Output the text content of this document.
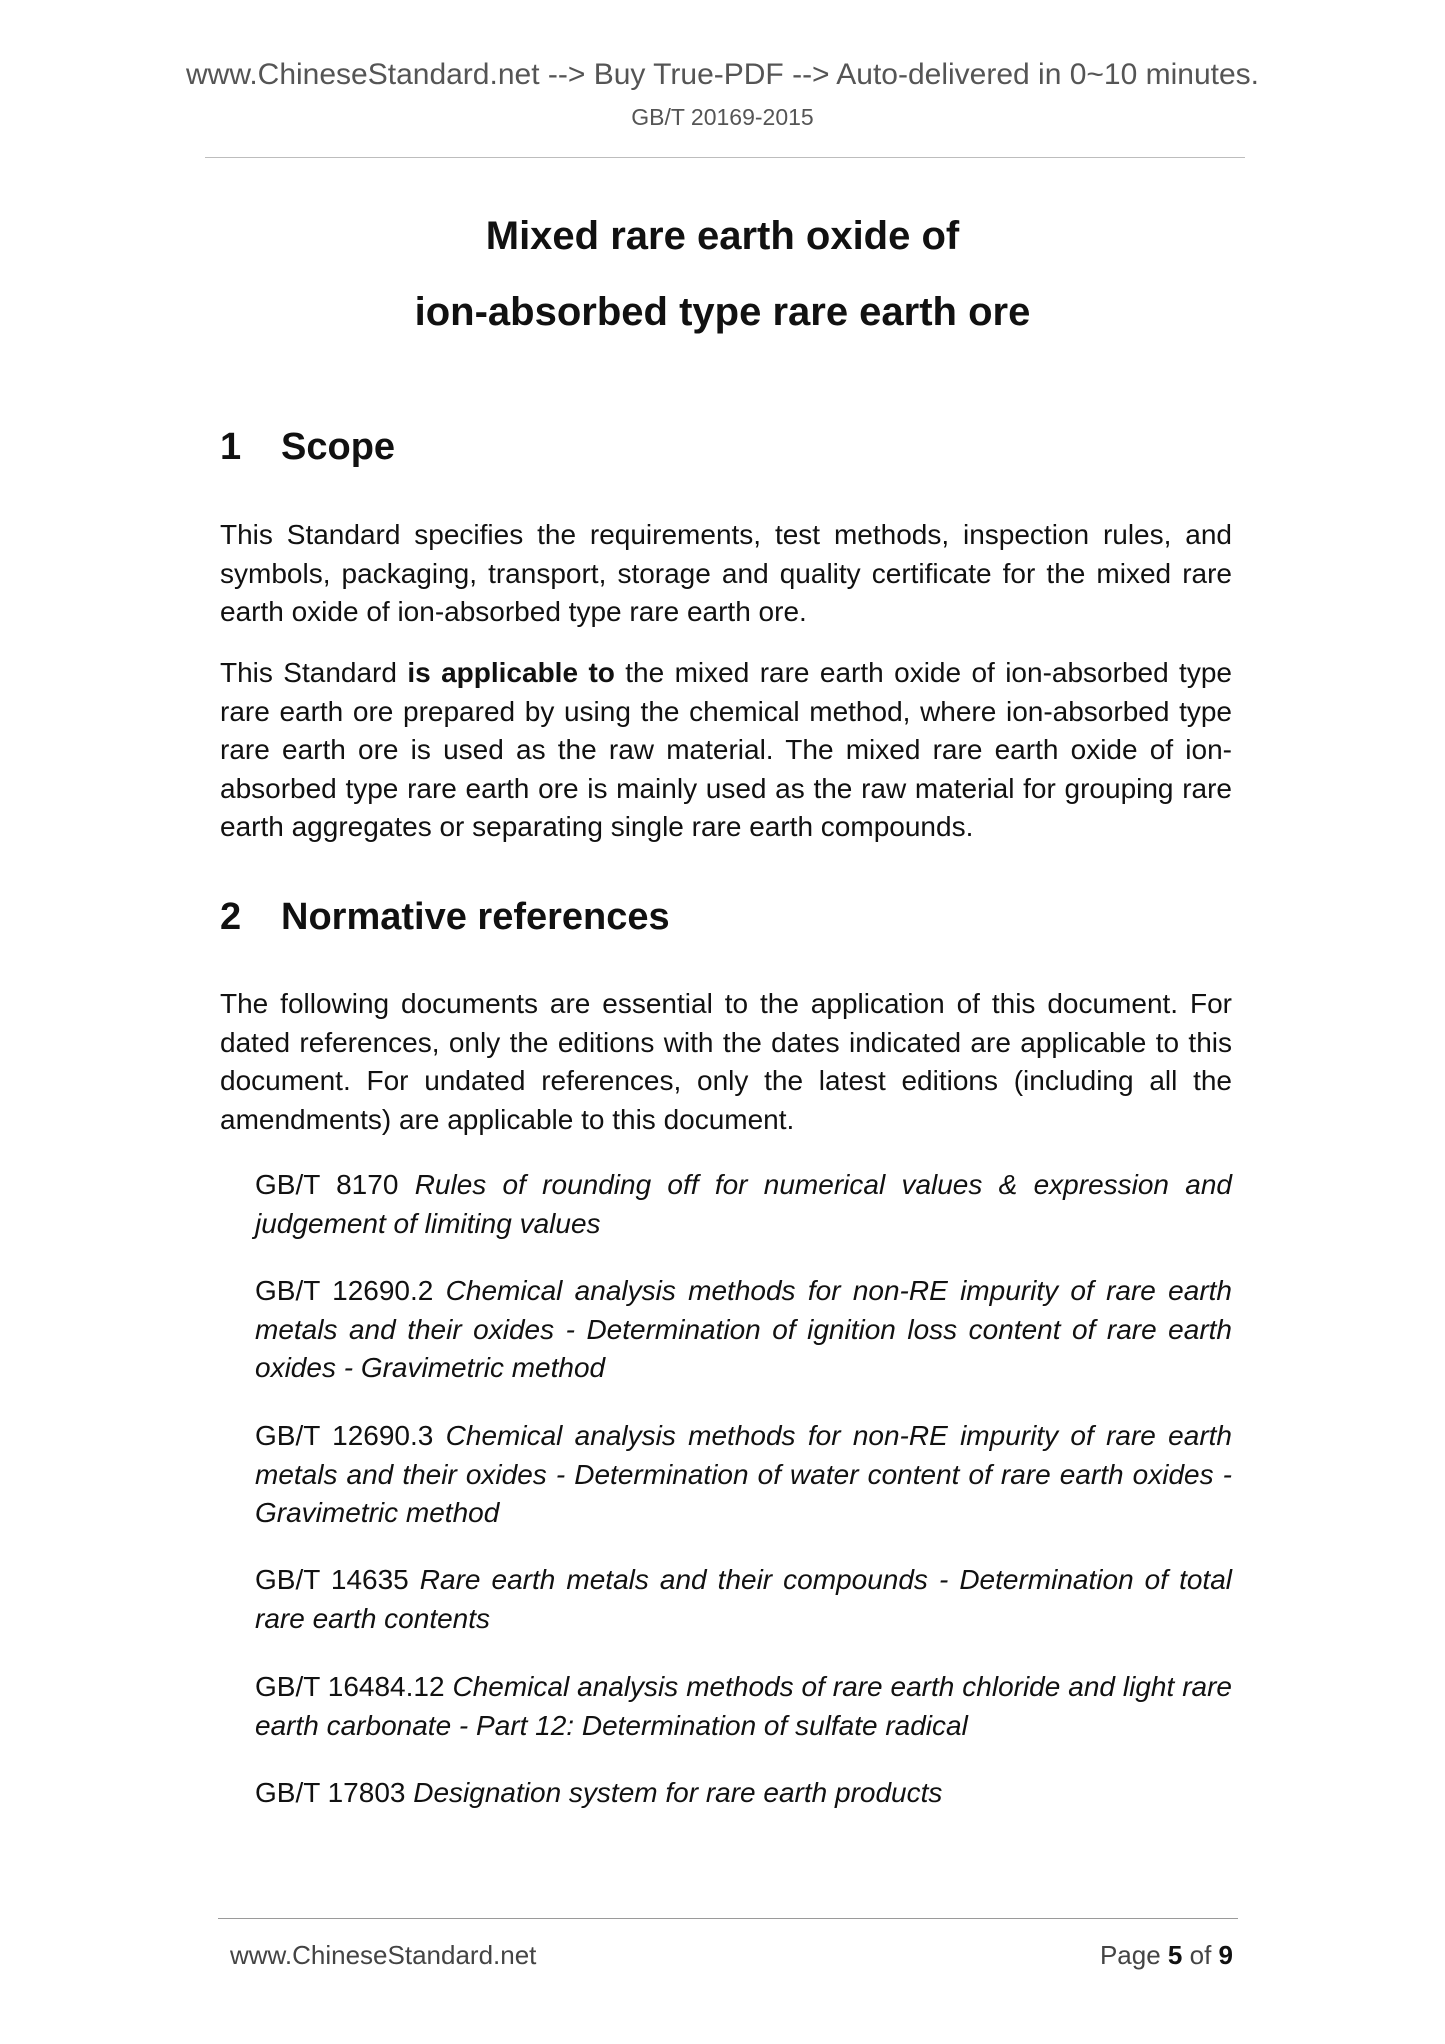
www.ChineseStandard.net --> Buy True-PDF --> Auto-delivered in 0~10 minutes.
GB/T 20169-2015
Mixed rare earth oxide of
ion-absorbed type rare earth ore
1 Scope

This Standard specifies the requirements, test methods, inspection rules, and symbols, packaging, transport, storage and quality certificate for the mixed rare earth oxide of ion-absorbed type rare earth ore.

This Standard is applicable to the mixed rare earth oxide of ion-absorbed type rare earth ore prepared by using the chemical method, where ion-absorbed type rare earth ore is used as the raw material. The mixed rare earth oxide of ion-absorbed type rare earth ore is mainly used as the raw material for grouping rare earth aggregates or separating single rare earth compounds.

2 Normative references

The following documents are essential to the application of this document. For dated references, only the editions with the dates indicated are applicable to this document. For undated references, only the latest editions (including all the amendments) are applicable to this document.

GB/T 8170 Rules of rounding off for numerical values & expression and judgement of limiting values

GB/T 12690.2 Chemical analysis methods for non-RE impurity of rare earth metals and their oxides - Determination of ignition loss content of rare earth oxides - Gravimetric method

GB/T 12690.3 Chemical analysis methods for non-RE impurity of rare earth metals and their oxides - Determination of water content of rare earth oxides - Gravimetric method

GB/T 14635 Rare earth metals and their compounds - Determination of total rare earth contents

GB/T 16484.12 Chemical analysis methods of rare earth chloride and light rare earth carbonate - Part 12: Determination of sulfate radical

GB/T 17803 Designation system for rare earth products

www.ChineseStandard.net	Page 5 of 9
